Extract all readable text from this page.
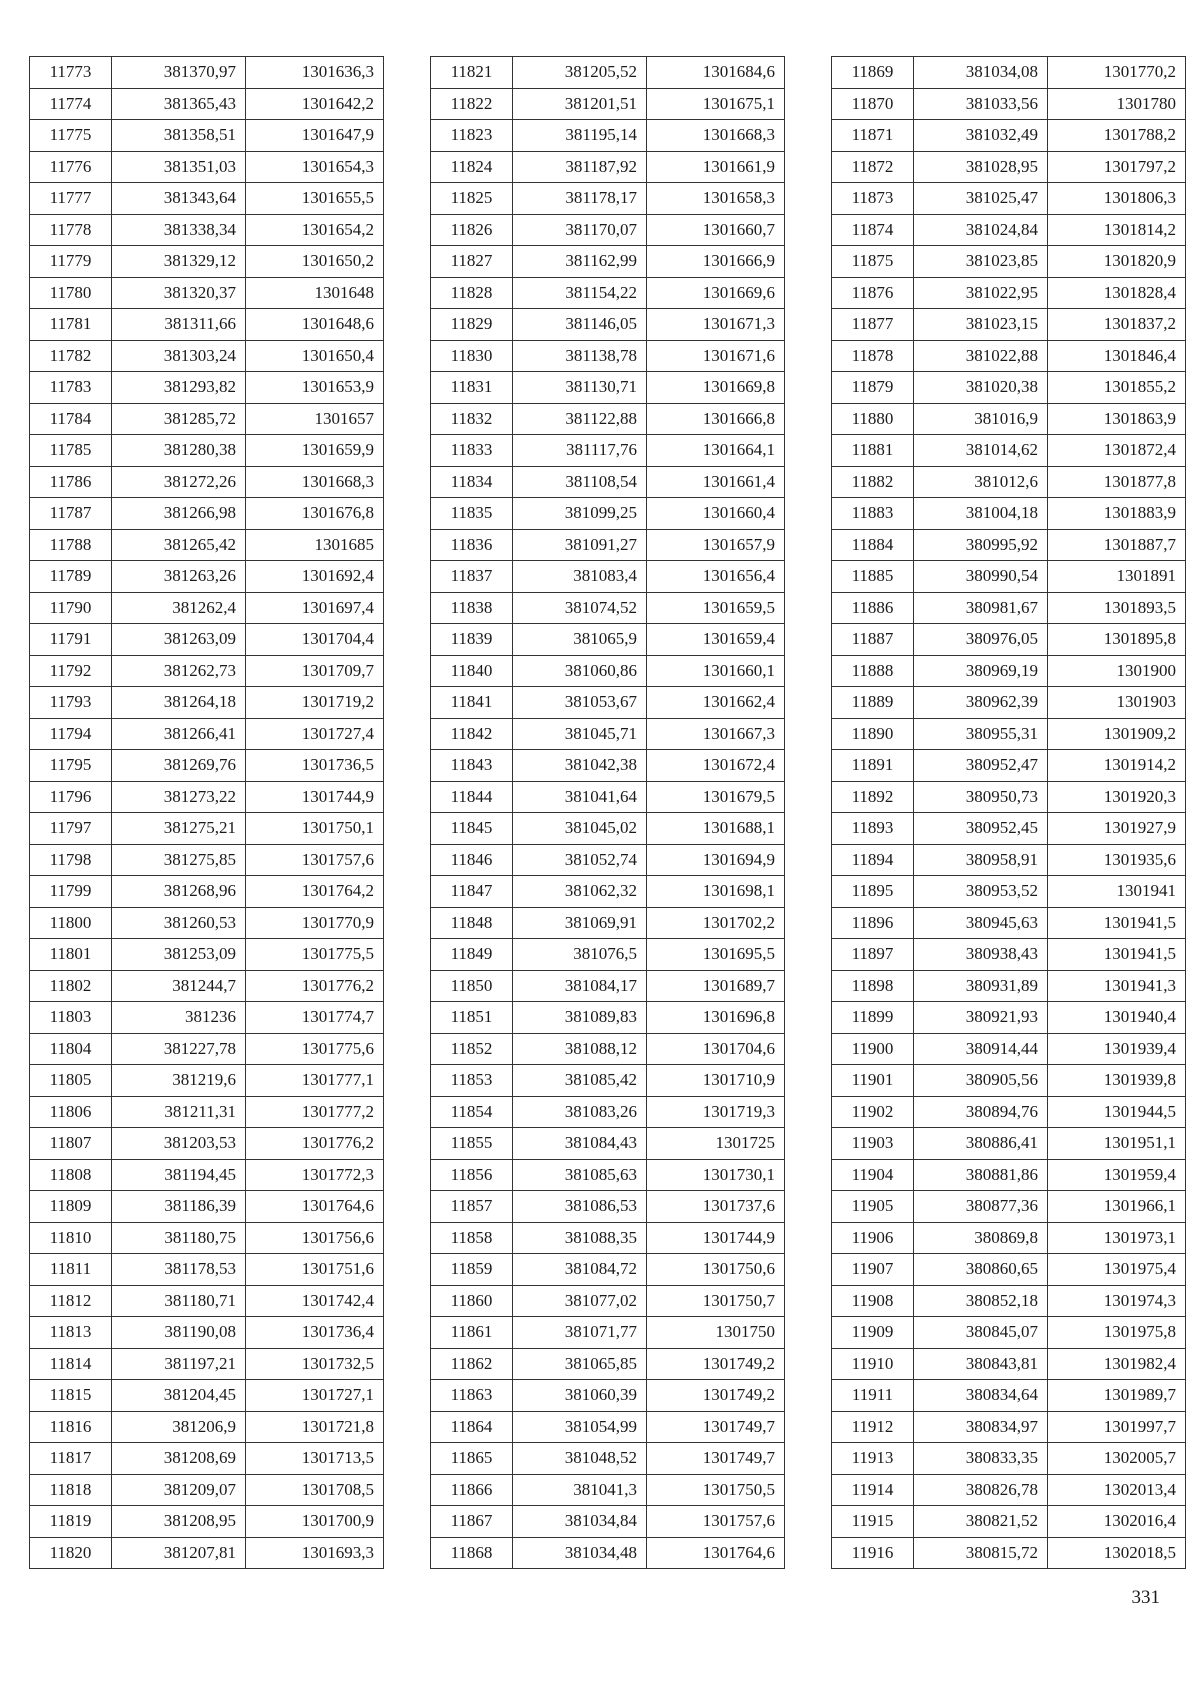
11773	381370,97	1301636,3
11774	381365,43	1301642,2
11775	381358,51	1301647,9
11776	381351,03	1301654,3
11777	381343,64	1301655,5
11778	381338,34	1301654,2
11779	381329,12	1301650,2
11780	381320,37	1301648
11781	381311,66	1301648,6
11782	381303,24	1301650,4
11783	381293,82	1301653,9
11784	381285,72	1301657
11785	381280,38	1301659,9
11786	381272,26	1301668,3
11787	381266,98	1301676,8
11788	381265,42	1301685
11789	381263,26	1301692,4
11790	381262,4	1301697,4
11791	381263,09	1301704,4
11792	381262,73	1301709,7
11793	381264,18	1301719,2
11794	381266,41	1301727,4
11795	381269,76	1301736,5
11796	381273,22	1301744,9
11797	381275,21	1301750,1
11798	381275,85	1301757,6
11799	381268,96	1301764,2
11800	381260,53	1301770,9
11801	381253,09	1301775,5
11802	381244,7	1301776,2
11803	381236	1301774,7
11804	381227,78	1301775,6
11805	381219,6	1301777,1
11806	381211,31	1301777,2
11807	381203,53	1301776,2
11808	381194,45	1301772,3
11809	381186,39	1301764,6
11810	381180,75	1301756,6
11811	381178,53	1301751,6
11812	381180,71	1301742,4
11813	381190,08	1301736,4
11814	381197,21	1301732,5
11815	381204,45	1301727,1
11816	381206,9	1301721,8
11817	381208,69	1301713,5
11818	381209,07	1301708,5
11819	381208,95	1301700,9
11820	381207,81	1301693,3
11821	381205,52	1301684,6
11822	381201,51	1301675,1
11823	381195,14	1301668,3
11824	381187,92	1301661,9
11825	381178,17	1301658,3
11826	381170,07	1301660,7
11827	381162,99	1301666,9
11828	381154,22	1301669,6
11829	381146,05	1301671,3
11830	381138,78	1301671,6
11831	381130,71	1301669,8
11832	381122,88	1301666,8
11833	381117,76	1301664,1
11834	381108,54	1301661,4
11835	381099,25	1301660,4
11836	381091,27	1301657,9
11837	381083,4	1301656,4
11838	381074,52	1301659,5
11839	381065,9	1301659,4
11840	381060,86	1301660,1
11841	381053,67	1301662,4
11842	381045,71	1301667,3
11843	381042,38	1301672,4
11844	381041,64	1301679,5
11845	381045,02	1301688,1
11846	381052,74	1301694,9
11847	381062,32	1301698,1
11848	381069,91	1301702,2
11849	381076,5	1301695,5
11850	381084,17	1301689,7
11851	381089,83	1301696,8
11852	381088,12	1301704,6
11853	381085,42	1301710,9
11854	381083,26	1301719,3
11855	381084,43	1301725
11856	381085,63	1301730,1
11857	381086,53	1301737,6
11858	381088,35	1301744,9
11859	381084,72	1301750,6
11860	381077,02	1301750,7
11861	381071,77	1301750
11862	381065,85	1301749,2
11863	381060,39	1301749,2
11864	381054,99	1301749,7
11865	381048,52	1301749,7
11866	381041,3	1301750,5
11867	381034,84	1301757,6
11868	381034,48	1301764,6
11869	381034,08	1301770,2
11870	381033,56	1301780
11871	381032,49	1301788,2
11872	381028,95	1301797,2
11873	381025,47	1301806,3
11874	381024,84	1301814,2
11875	381023,85	1301820,9
11876	381022,95	1301828,4
11877	381023,15	1301837,2
11878	381022,88	1301846,4
11879	381020,38	1301855,2
11880	381016,9	1301863,9
11881	381014,62	1301872,4
11882	381012,6	1301877,8
11883	381004,18	1301883,9
11884	380995,92	1301887,7
11885	380990,54	1301891
11886	380981,67	1301893,5
11887	380976,05	1301895,8
11888	380969,19	1301900
11889	380962,39	1301903
11890	380955,31	1301909,2
11891	380952,47	1301914,2
11892	380950,73	1301920,3
11893	380952,45	1301927,9
11894	380958,91	1301935,6
11895	380953,52	1301941
11896	380945,63	1301941,5
11897	380938,43	1301941,5
11898	380931,89	1301941,3
11899	380921,93	1301940,4
11900	380914,44	1301939,4
11901	380905,56	1301939,8
11902	380894,76	1301944,5
11903	380886,41	1301951,1
11904	380881,86	1301959,4
11905	380877,36	1301966,1
11906	380869,8	1301973,1
11907	380860,65	1301975,4
11908	380852,18	1301974,3
11909	380845,07	1301975,8
11910	380843,81	1301982,4
11911	380834,64	1301989,7
11912	380834,97	1301997,7
11913	380833,35	1302005,7
11914	380826,78	1302013,4
11915	380821,52	1302016,4
11916	380815,72	1302018,5
331
